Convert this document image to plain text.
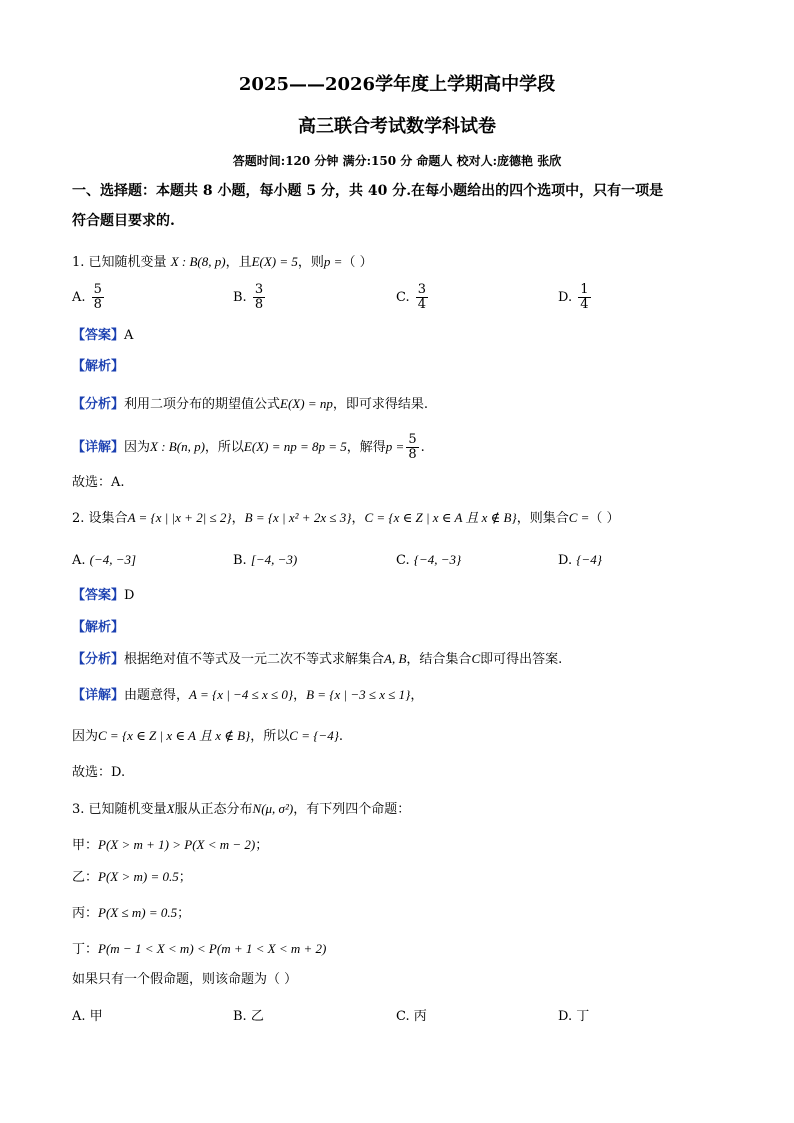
2025——2026学年度上学期高中学段
高三联合考试数学科试卷
答题时间:120 分钟 满分:150 分 命题人 校对人:庞德艳 张欣
一、选择题：本题共 8 小题，每小题 5 分，共 40 分.在每小题给出的四个选项中，只有一项是
符合题目要求的.
1. 已知随机变量 X : B(8, p)，且E(X) = 5，则p =（ ）
A. $\frac{5}{8}$	B. $\frac{3}{8}$	C. $\frac{3}{4}$	D. $\frac{1}{4}$
【答案】A
【解析】
【分析】利用二项分布的期望值公式E(X) = np，即可求得结果.
【详解】因为X : B(n, p)，所以E(X) = np = 8p = 5，解得$p = \frac{5}{8}$ .
故选：A.
2. 设集合A = {x | |x + 2| ≤ 2}，B = {x | x² + 2x ≤ 3}，C = {x ∈ Z | x ∈ A 且 x ∉ B}，则集合C =（ ）
A. (−4, −3]	B. [−4, −3)	C. {−4, −3}	D. {−4}
【答案】D
【解析】
【分析】根据绝对值不等式及一元二次不等式求解集合A, B，结合集合C即可得出答案.
【详解】由题意得，A = {x | −4 ≤ x ≤ 0}，B = {x | −3 ≤ x ≤ 1}，
因为C = {x ∈ Z | x ∈ A 且 x ∉ B}，所以C = {−4}.
故选：D.
3. 已知随机变量X服从正态分布N(μ, σ²)，有下列四个命题：
甲：P(X > m + 1) > P(X < m − 2)；
乙：P(X > m) = 0.5；
丙：P(X ≤ m) = 0.5；
丁：P(m − 1 < X < m) < P(m + 1 < X < m + 2)
如果只有一个假命题，则该命题为（ ）
A. 甲	B. 乙	C. 丙	D. 丁
